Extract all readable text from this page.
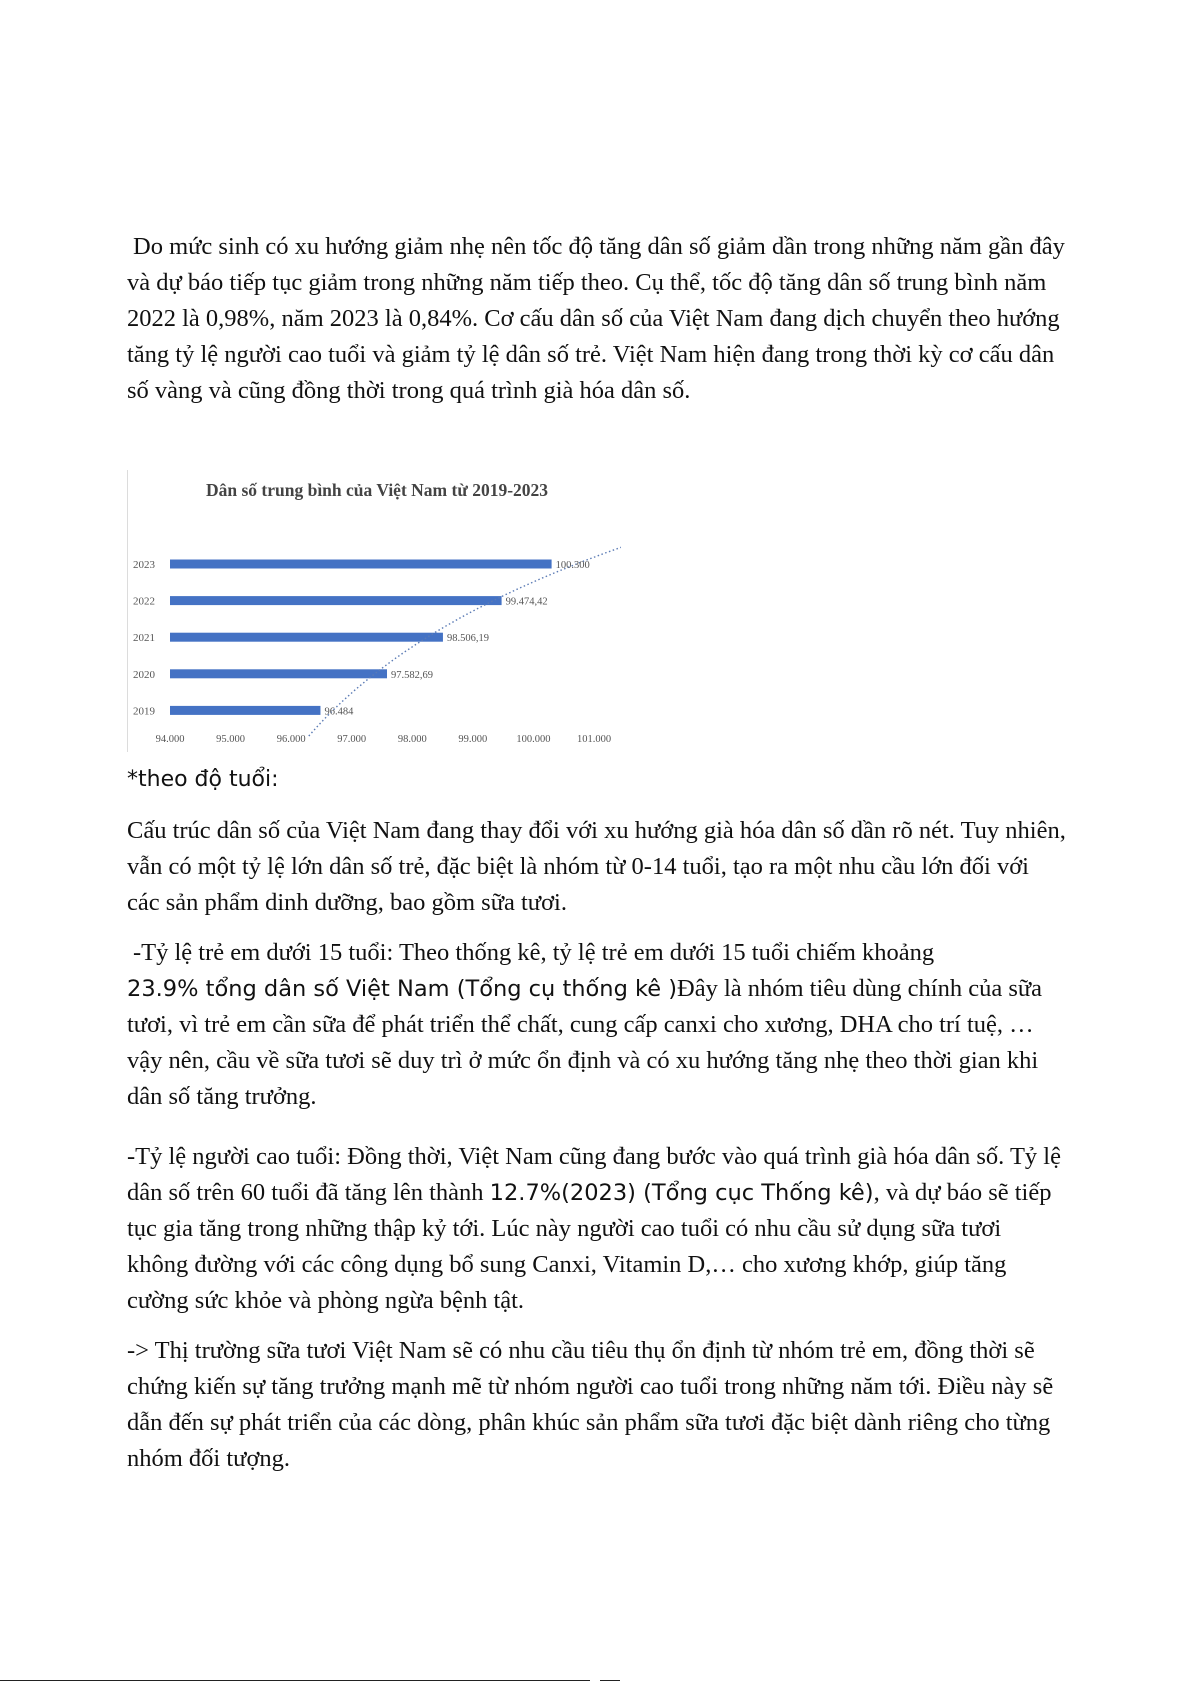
Do mức sinh có xu hướng giảm nhẹ nên tốc độ tăng dân số giảm dần trong những năm gần đây và dự báo tiếp tục giảm trong những năm tiếp theo. Cụ thể, tốc độ tăng dân số trung bình năm 2022 là 0,98%, năm 2023 là 0,84%. Cơ cấu dân số của Việt Nam đang dịch chuyển theo hướng tăng tỷ lệ người cao tuổi và giảm tỷ lệ dân số trẻ. Việt Nam hiện đang trong thời kỳ cơ cấu dân số vàng và cũng đồng thời trong quá trình già hóa dân số.

Dân số trung bình của Việt Nam từ 2019-2023
2023
2022
2021
2020
2019
100.300
99.474,42
98.506,19
97.582,69
96.484
94.000	95.000	96.000	97.000	98.000	99.000	100.000	101.000

*theo độ tuổi:

Cấu trúc dân số của Việt Nam đang thay đổi với xu hướng già hóa dân số dần rõ nét. Tuy nhiên, vẫn có một tỷ lệ lớn dân số trẻ, đặc biệt là nhóm từ 0-14 tuổi, tạo ra một nhu cầu lớn đối với các sản phẩm dinh dưỡng, bao gồm sữa tươi.

-Tỷ lệ trẻ em dưới 15 tuổi: Theo thống kê, tỷ lệ trẻ em dưới 15 tuổi chiếm khoảng
23.9% tổng dân số Việt Nam (Tổng cụ thống kê )Đây là nhóm tiêu dùng chính của sữa tươi, vì trẻ em cần sữa để phát triển thể chất, cung cấp canxi cho xương, DHA cho trí tuệ, …vậy nên, cầu về sữa tươi sẽ duy trì ở mức ổn định và có xu hướng tăng nhẹ theo thời gian khi dân số tăng trưởng.

-Tỷ lệ người cao tuổi: Đồng thời, Việt Nam cũng đang bước vào quá trình già hóa dân số. Tỷ lệ dân số trên 60 tuổi đã tăng lên thành 12.7%(2023) (Tổng cục Thống kê), và dự báo sẽ tiếp tục gia tăng trong những thập kỷ tới. Lúc này người cao tuổi có nhu cầu sử dụng sữa tươi không đường với các công dụng bổ sung Canxi, Vitamin D,… cho xương khớp, giúp tăng cường sức khỏe và phòng ngừa bệnh tật.

-> Thị trường sữa tươi Việt Nam sẽ có nhu cầu tiêu thụ ổn định từ nhóm trẻ em, đồng thời sẽ chứng kiến sự tăng trưởng mạnh mẽ từ nhóm người cao tuổi trong những năm tới. Điều này sẽ dẫn đến sự phát triển của các dòng, phân khúc sản phẩm sữa tươi đặc biệt dành riêng cho từng nhóm đối tượng.
